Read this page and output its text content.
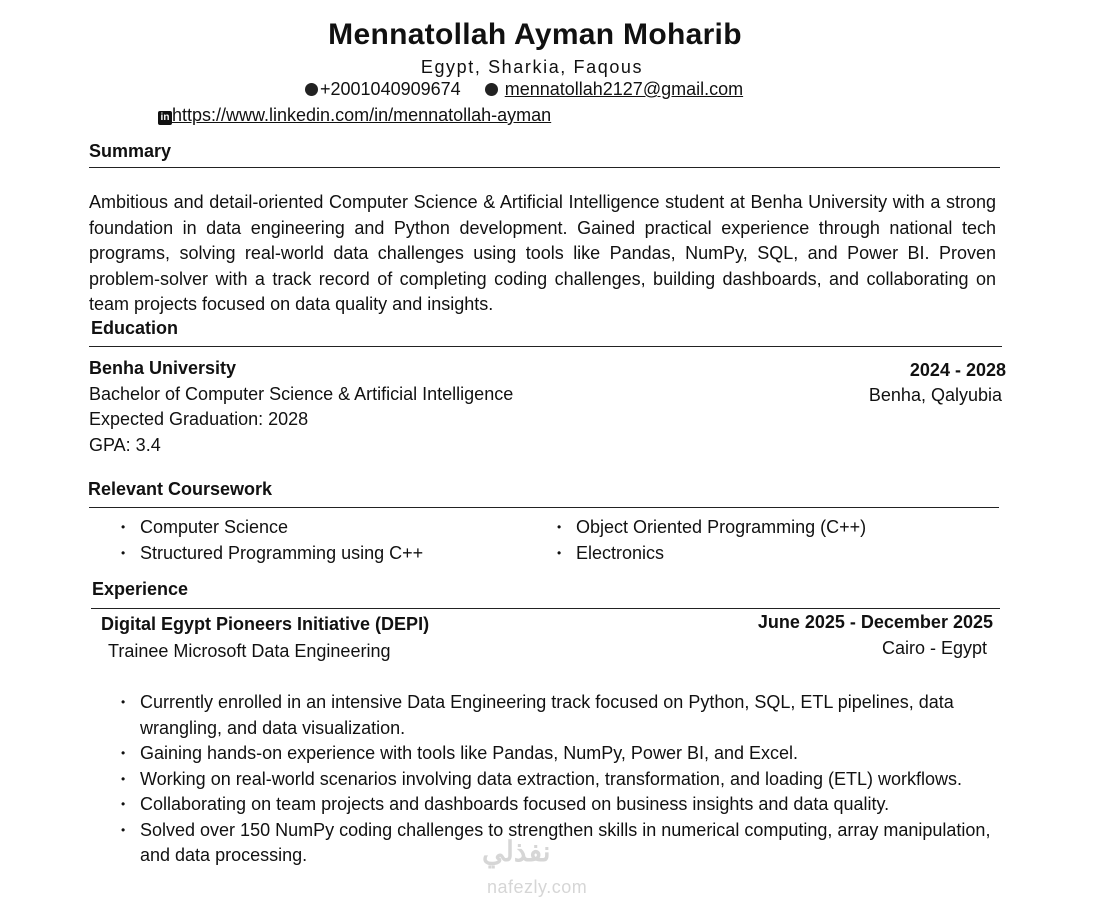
Mennatollah Ayman Moharib
Egypt, Sharkia, Faqous
+2001040909674 mennatollah2127@gmail.com
in https://www.linkedin.com/in/mennatollah-ayman
Summary
Ambitious and detail-oriented Computer Science & Artificial Intelligence student at Benha University with a strong foundation in data engineering and Python development. Gained practical experience through national tech programs, solving real-world data challenges using tools like Pandas, NumPy, SQL, and Power BI. Proven problem-solver with a track record of completing coding challenges, building dashboards, and collaborating on team projects focused on data quality and insights.
Education
Benha University	2024 - 2028
Bachelor of Computer Science & Artificial Intelligence	Benha, Qalyubia
Expected Graduation: 2028
GPA: 3.4
Relevant Coursework
• Computer Science
• Structured Programming using C++
• Object Oriented Programming (C++)
• Electronics
Experience
Digital Egypt Pioneers Initiative (DEPI)	June 2025 - December 2025
Trainee Microsoft Data Engineering	Cairo - Egypt
• Currently enrolled in an intensive Data Engineering track focused on Python, SQL, ETL pipelines, data wrangling, and data visualization.
• Gaining hands-on experience with tools like Pandas, NumPy, Power BI, and Excel.
• Working on real-world scenarios involving data extraction, transformation, and loading (ETL) workflows.
• Collaborating on team projects and dashboards focused on business insights and data quality.
• Solved over 150 NumPy coding challenges to strengthen skills in numerical computing, array manipulation, and data processing.	نفذلي
nafezly.com
